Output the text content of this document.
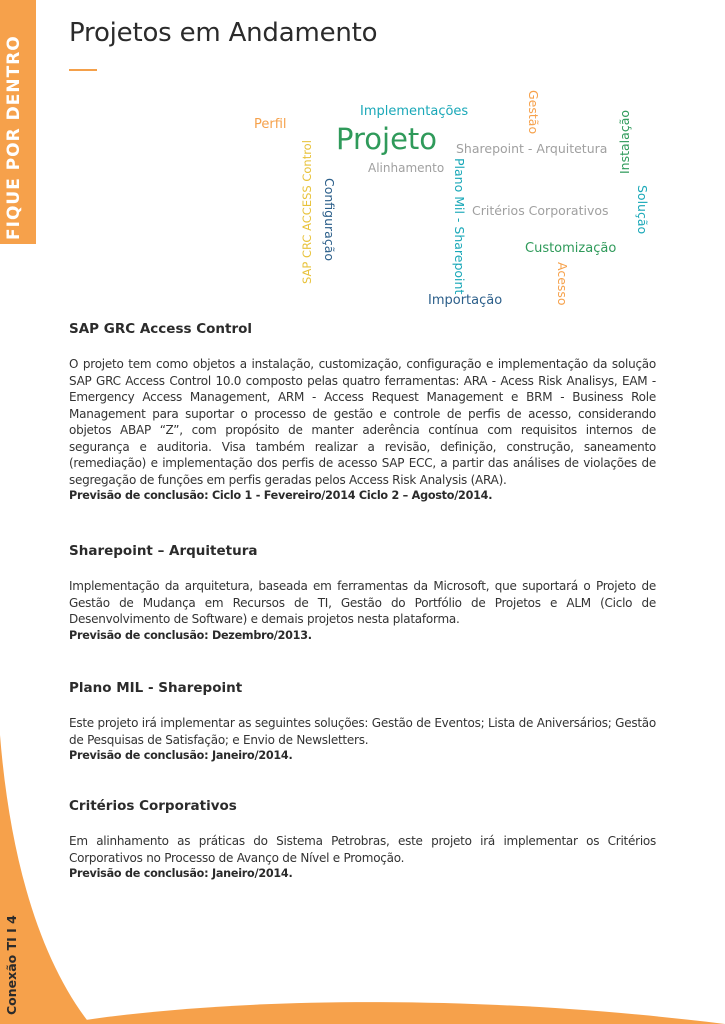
FIQUE POR DENTRO
Conexão TI I 4
Projetos em Andamento
Perfil
Implementações
Projeto
Alinhamento
Sharepoint - Arquitetura
Critérios Corporativos
Customização
Importação
Gestão	Instalação
Solução
Acesso
SAP CRC ACCESS Control Configuração	Plano Mil - Sharepoint
SAP GRC Access Control

O projeto tem como objetos a instalação, customização, configuração e implementação da solução SAP GRC Access Control 10.0 composto pelas quatro ferramentas: ARA - Acess Risk Analisys, EAM - Emergency Access Management, ARM - Access Request Management e BRM - Business Role Management para suportar o processo de gestão e controle de perfis de acesso, considerando objetos ABAP “Z”, com propósito de manter aderência contínua com requisitos internos de segurança e auditoria. Visa também realizar a revisão, definição, construção, saneamento (remediação) e implementação dos perfis de acesso SAP ECC, a partir das análises de violações de segregação de funções em perfis geradas pelos Access Risk Analysis (ARA).

Previsão de conclusão: Ciclo 1 - Fevereiro/2014 Ciclo 2 – Agosto/2014.

Sharepoint – Arquitetura

Implementação da arquitetura, baseada em ferramentas da Microsoft, que suportará o Projeto de Gestão de Mudança em Recursos de TI, Gestão do Portfólio de Projetos e ALM (Ciclo de Desenvolvimento de Software) e demais projetos nesta plataforma.

Previsão de conclusão: Dezembro/2013.

Plano MIL - Sharepoint

Este projeto irá implementar as seguintes soluções: Gestão de Eventos; Lista de Aniversários; Gestão de Pesquisas de Satisfação; e Envio de Newsletters.

Previsão de conclusão: Janeiro/2014.

Critérios Corporativos

Em alinhamento as práticas do Sistema Petrobras, este projeto irá implementar os Critérios Corporativos no Processo de Avanço de Nível e Promoção.

Previsão de conclusão: Janeiro/2014.
